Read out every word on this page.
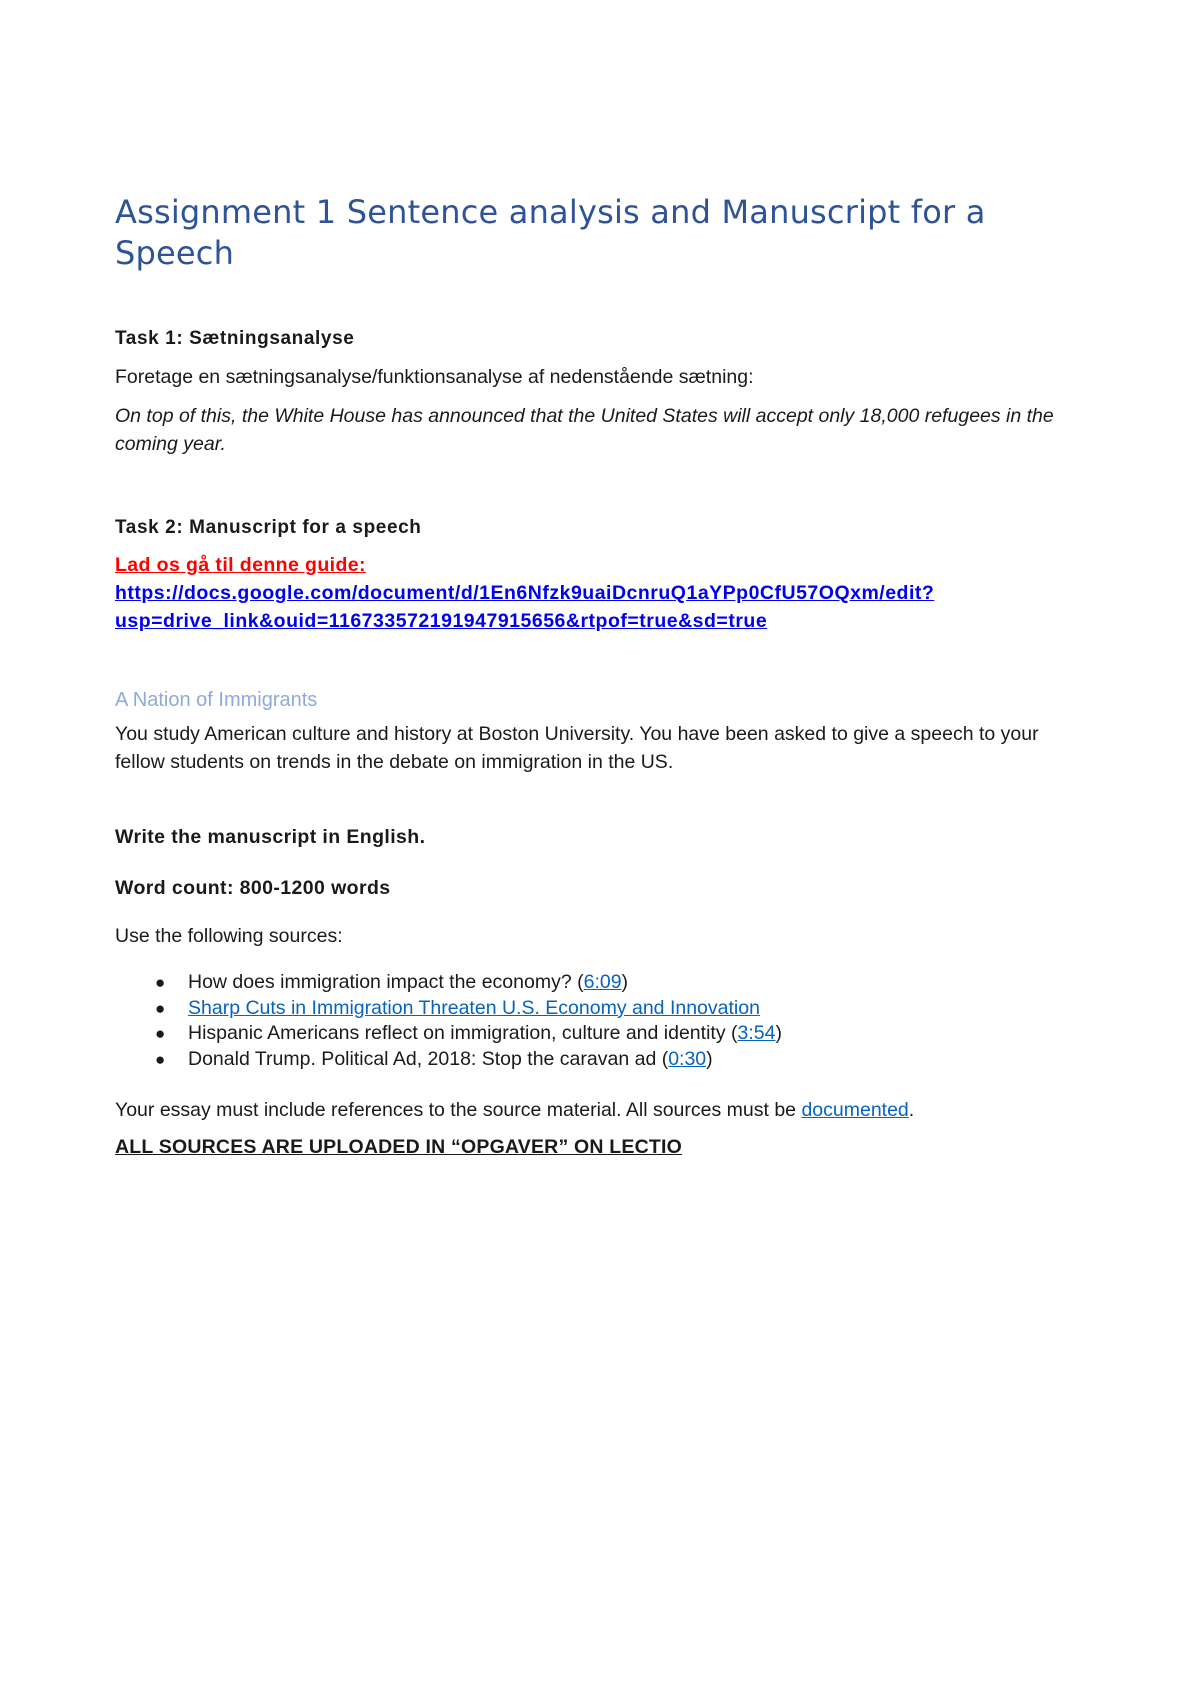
Assignment 1 Sentence analysis and Manuscript for a Speech

Task 1: Sætningsanalyse

Foretage en sætningsanalyse/funktionsanalyse af nedenstående sætning:

On top of this, the White House has announced that the United States will accept only 18,000 refugees in the coming year.

Task 2: Manuscript for a speech

Lad os gå til denne guide:
https://docs.google.com/document/d/1En6Nfzk9uaiDcnruQ1aYPp0CfU57OQxm/edit?
usp=drive_link&ouid=116733572191947915656&rtpof=true&sd=true

A Nation of Immigrants

You study American culture and history at Boston University. You have been asked to give a speech to your fellow students on trends in the debate on immigration in the US.

Write the manuscript in English.

Word count: 800-1200 words

Use the following sources:

● How does immigration impact the economy? (6:09)
● Sharp Cuts in Immigration Threaten U.S. Economy and Innovation
● Hispanic Americans reflect on immigration, culture and identity (3:54)
● Donald Trump. Political Ad, 2018: Stop the caravan ad (0:30)

Your essay must include references to the source material. All sources must be documented.

ALL SOURCES ARE UPLOADED IN “OPGAVER” ON LECTIO
